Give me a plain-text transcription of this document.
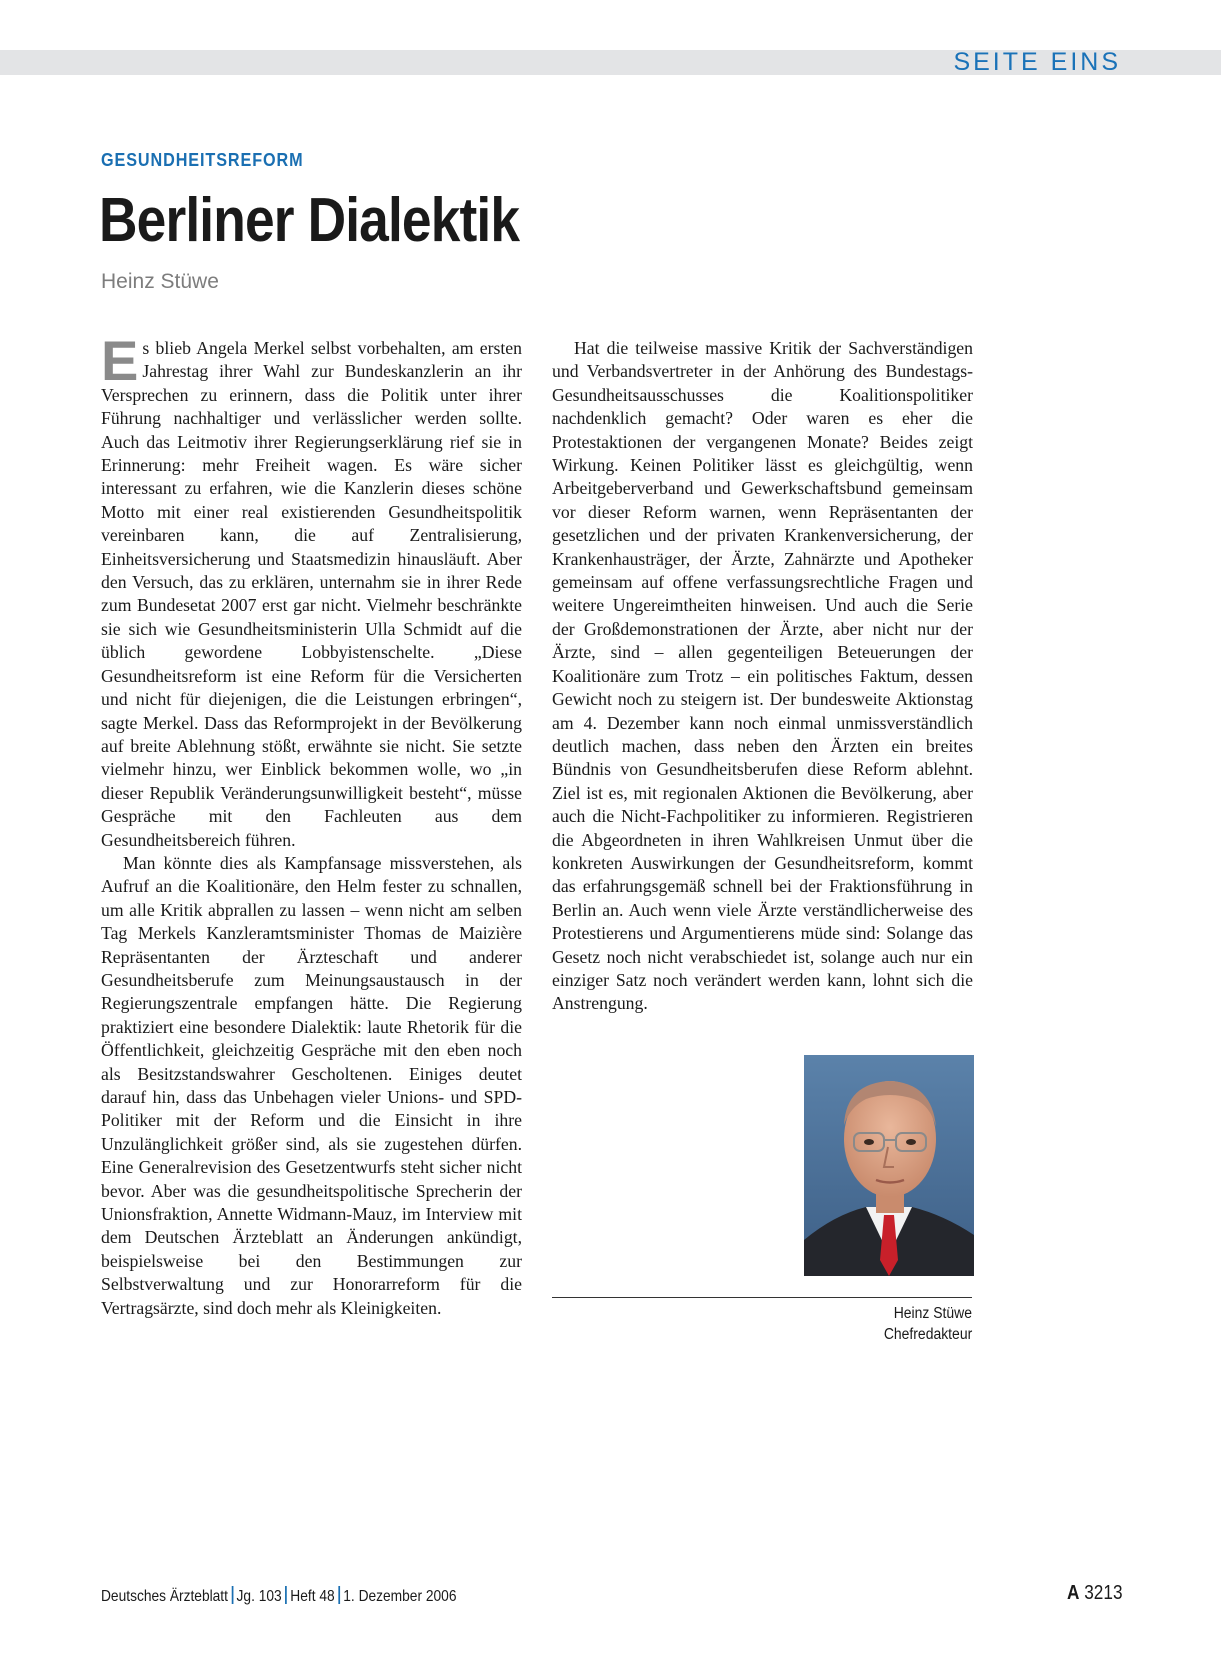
SEITE EINS
GESUNDHEITSREFORM
Berliner Dialektik
Heinz Stüwe

Es blieb Angela Merkel selbst vorbehalten, am ersten Jahrestag ihrer Wahl zur Bundeskanzlerin an ihr Versprechen zu erinnern, dass die Politik unter ihrer Führung nachhaltiger und verlässlicher werden sollte. Auch das Leitmotiv ihrer Regierungserklärung rief sie in Erinnerung: mehr Freiheit wagen. Es wäre sicher interessant zu erfahren, wie die Kanzlerin dieses schöne Motto mit einer real existierenden Gesundheitspolitik vereinbaren kann, die auf Zentralisierung, Einheitsversicherung und Staatsmedizin hinausläuft. Aber den Versuch, das zu erklären, unternahm sie in ihrer Rede zum Bundesetat 2007 erst gar nicht. Vielmehr beschränkte sie sich wie Gesundheitsministerin Ulla Schmidt auf die üblich gewordene Lobbyistenschelte. „Diese Gesundheitsreform ist eine Reform für die Versicherten und nicht für diejenigen, die die Leistungen erbringen“, sagte Merkel. Dass das Reformprojekt in der Bevölkerung auf breite Ablehnung stößt, erwähnte sie nicht. Sie setzte vielmehr hinzu, wer Einblick bekommen wolle, wo „in dieser Republik Veränderungsunwilligkeit besteht“, müsse Gespräche mit den Fachleuten aus dem Gesundheitsbereich führen.

Man könnte dies als Kampfansage missverstehen, als Aufruf an die Koalitionäre, den Helm fester zu schnallen, um alle Kritik abprallen zu lassen – wenn nicht am selben Tag Merkels Kanzleramtsminister Thomas de Maizière Repräsentanten der Ärzteschaft und anderer Gesundheitsberufe zum Meinungsaustausch in der Regierungszentrale empfangen hätte. Die Regierung praktiziert eine besondere Dialektik: laute Rhetorik für die Öffentlichkeit, gleichzeitig Gespräche mit den eben noch als Besitzstandswahrer Gescholtenen. Einiges deutet darauf hin, dass das Unbehagen vieler Unions- und SPD-Politiker mit der Reform und die Einsicht in ihre Unzulänglichkeit größer sind, als sie zugestehen dürfen. Eine Generalrevision des Gesetzentwurfs steht sicher nicht bevor. Aber was die gesundheitspolitische Sprecherin der Unionsfraktion, Annette Widmann-Mauz, im Interview mit dem Deutschen Ärzteblatt an Änderungen ankündigt, beispielsweise bei den Bestimmungen zur Selbstverwaltung und zur Honorarreform für die Vertragsärzte, sind doch mehr als Kleinigkeiten.

Hat die teilweise massive Kritik der Sachverständigen und Verbandsvertreter in der Anhörung des Bundestags-Gesundheitsausschusses die Koalitionspolitiker nachdenklich gemacht? Oder waren es eher die Protestaktionen der vergangenen Monate? Beides zeigt Wirkung. Keinen Politiker lässt es gleichgültig, wenn Arbeitgeberverband und Gewerkschaftsbund gemeinsam vor dieser Reform warnen, wenn Repräsentanten der gesetzlichen und der privaten Krankenversicherung, der Krankenhausträger, der Ärzte, Zahnärzte und Apotheker gemeinsam auf offene verfassungsrechtliche Fragen und weitere Ungereimtheiten hinweisen. Und auch die Serie der Großdemonstrationen der Ärzte, aber nicht nur der Ärzte, sind – allen gegenteiligen Beteuerungen der Koalitionäre zum Trotz – ein politisches Faktum, dessen Gewicht noch zu steigern ist. Der bundesweite Aktionstag am 4. Dezember kann noch einmal unmissverständlich deutlich machen, dass neben den Ärzten ein breites Bündnis von Gesundheitsberufen diese Reform ablehnt. Ziel ist es, mit regionalen Aktionen die Bevölkerung, aber auch die Nicht-Fachpolitiker zu informieren. Registrieren die Abgeordneten in ihren Wahlkreisen Unmut über die konkreten Auswirkungen der Gesundheitsreform, kommt das erfahrungsgemäß schnell bei der Fraktionsführung in Berlin an. Auch wenn viele Ärzte verständlicherweise des Protestierens und Argumentierens müde sind: Solange das Gesetz noch nicht verabschiedet ist, solange auch nur ein einziger Satz noch verändert werden kann, lohnt sich die Anstrengung.

Heinz Stüwe
Chefredakteur
Deutsches Ärzteblatt Jg. 103 Heft 48 1. Dezember 2006	A 3213
